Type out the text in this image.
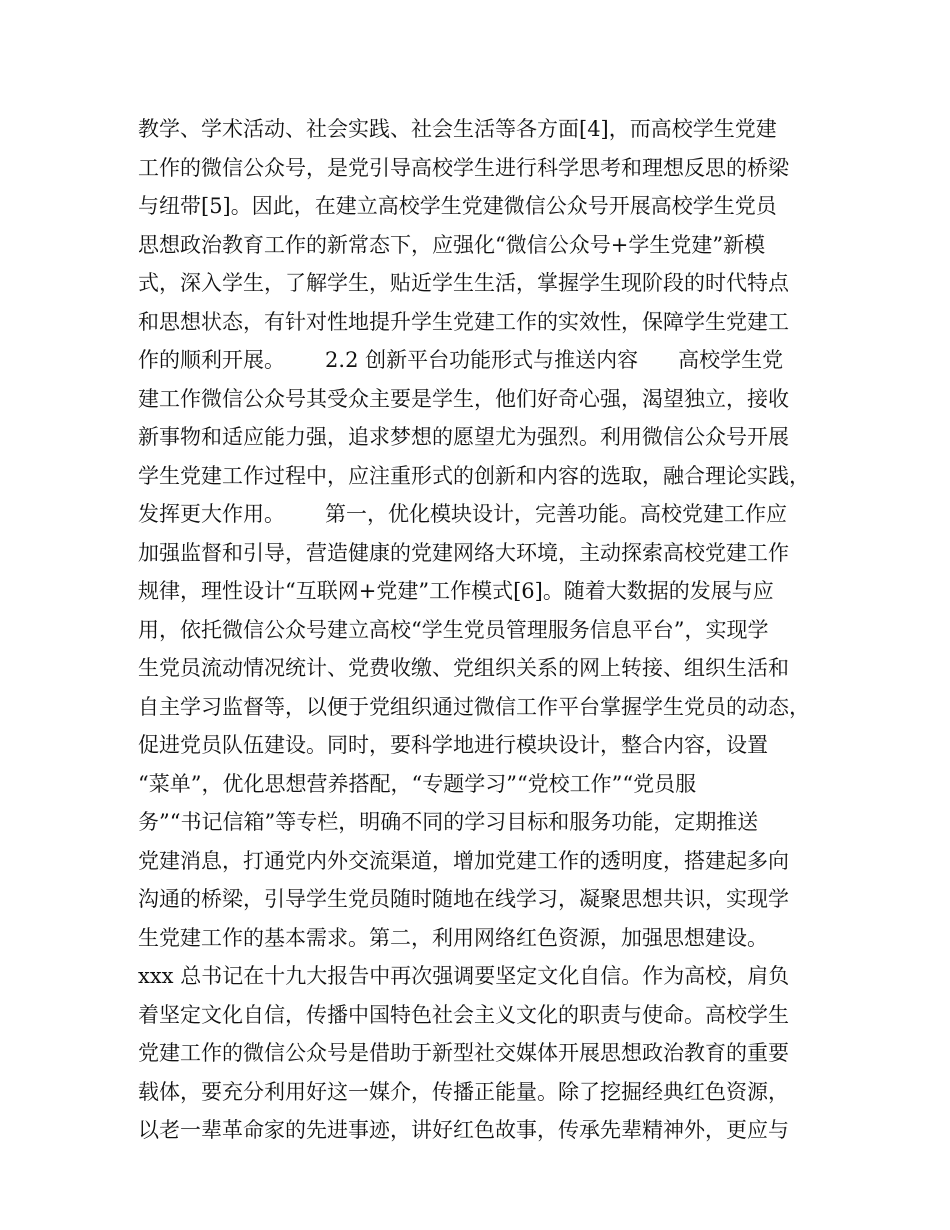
教学、学术活动、社会实践、社会生活等各方面[4]，而高校学生党建
工作的微信公众号，是党引导高校学生进行科学思考和理想反思的桥梁
与纽带[5]。因此，在建立高校学生党建微信公众号开展高校学生党员
思想政治教育工作的新常态下，应强化“微信公众号+学生党建”新模
式，深入学生，了解学生，贴近学生生活，掌握学生现阶段的时代特点
和思想状态，有针对性地提升学生党建工作的实效性，保障学生党建工
作的顺利开展。      2.2 创新平台功能形式与推送内容      高校学生党
建工作微信公众号其受众主要是学生，他们好奇心强，渴望独立，接收
新事物和适应能力强，追求梦想的愿望尤为强烈。利用微信公众号开展
学生党建工作过程中，应注重形式的创新和内容的选取，融合理论实践，
发挥更大作用。      第一，优化模块设计，完善功能。高校党建工作应
加强监督和引导，营造健康的党建网络大环境，主动探索高校党建工作
规律，理性设计“互联网+党建”工作模式[6]。随着大数据的发展与应
用，依托微信公众号建立高校“学生党员管理服务信息平台”，实现学
生党员流动情况统计、党费收缴、党组织关系的网上转接、组织生活和
自主学习监督等，以便于党组织通过微信工作平台掌握学生党员的动态，
促进党员队伍建设。同时，要科学地进行模块设计，整合内容，设置
“菜单”，优化思想营养搭配，“专题学习”“党校工作”“党员服
务”“书记信箱”等专栏，明确不同的学习目标和服务功能，定期推送
党建消息，打通党内外交流渠道，增加党建工作的透明度，搭建起多向
沟通的桥梁，引导学生党员随时随地在线学习，凝聚思想共识，实现学
生党建工作的基本需求。第二，利用网络红色资源，加强思想建设。
xxx 总书记在十九大报告中再次强调要坚定文化自信。作为高校，肩负
着坚定文化自信，传播中国特色社会主义文化的职责与使命。高校学生
党建工作的微信公众号是借助于新型社交媒体开展思想政治教育的重要
载体，要充分利用好这一媒介，传播正能量。除了挖掘经典红色资源，
以老一辈革命家的先进事迹，讲好红色故事，传承先辈精神外，更应与
